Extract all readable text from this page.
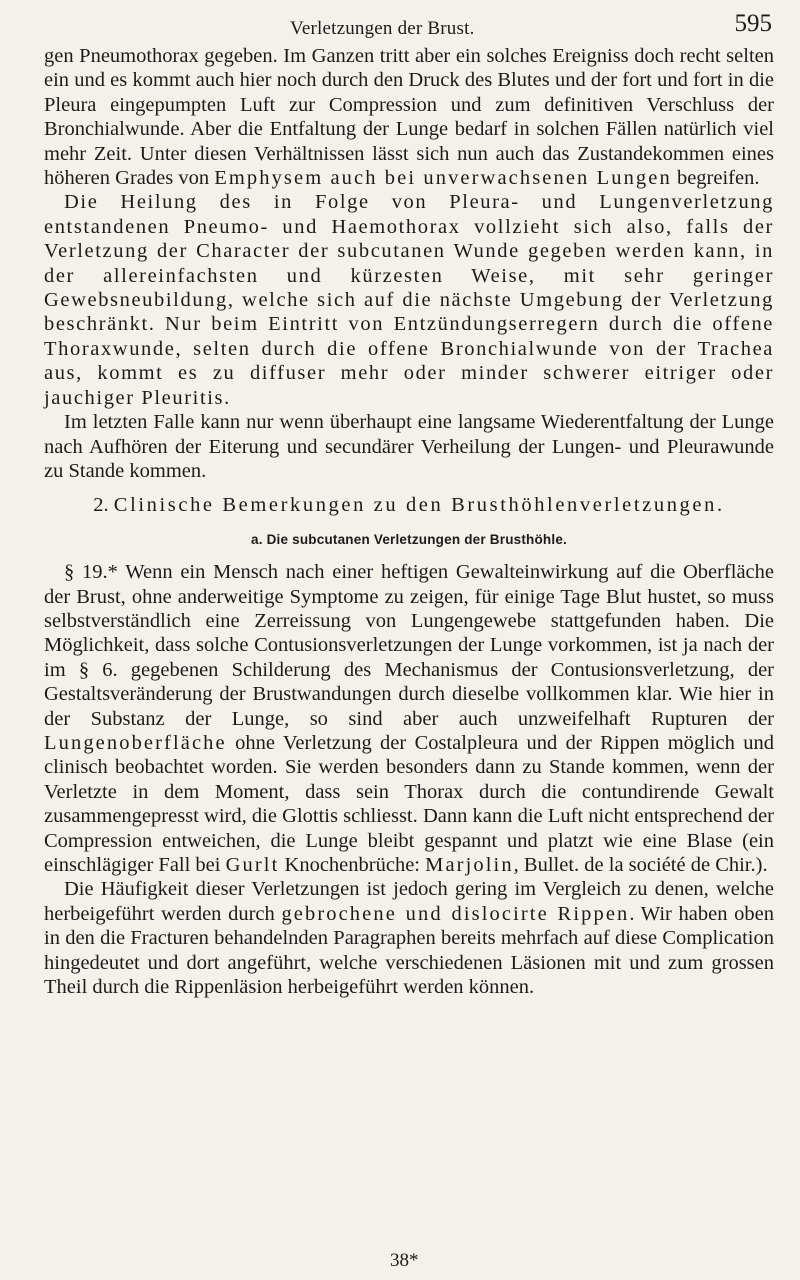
Verletzungen der Brust.	595

gen Pneumothorax gegeben. Im Ganzen tritt aber ein solches Ereigniss doch recht selten ein und es kommt auch hier noch durch den Druck des Blutes und der fort und fort in die Pleura eingepumpten Luft zur Compression und zum definitiven Verschluss der Bronchialwunde. Aber die Entfaltung der Lunge bedarf in solchen Fällen natürlich viel mehr Zeit. Unter diesen Verhältnissen lässt sich nun auch das Zustandekommen eines höheren Grades von Emphysem auch bei unverwachsenen Lungen begreifen.

Die Heilung des in Folge von Pleura- und Lungenverletzung entstandenen Pneumo- und Haemothorax vollzieht sich also, falls der Verletzung der Character der subcutanen Wunde gegeben werden kann, in der allereinfachsten und kürzesten Weise, mit sehr geringer Gewebsneubildung, welche sich auf die nächste Umgebung der Verletzung beschränkt. Nur beim Eintritt von Entzündungserregern durch die offene Thoraxwunde, selten durch die offene Bronchialwunde von der Trachea aus, kommt es zu diffuser mehr oder minder schwerer eitriger oder jauchiger Pleuritis.

Im letzten Falle kann nur wenn überhaupt eine langsame Wiederentfaltung der Lunge nach Aufhören der Eiterung und secundärer Verheilung der Lungen- und Pleurawunde zu Stande kommen.

2. Clinische Bemerkungen zu den Brusthöhlenverletzungen.
a. Die subcutanen Verletzungen der Brusthöhle.

§ 19.* Wenn ein Mensch nach einer heftigen Gewalteinwirkung auf die Oberfläche der Brust, ohne anderweitige Symptome zu zeigen, für einige Tage Blut hustet, so muss selbstverständlich eine Zerreissung von Lungengewebe stattgefunden haben. Die Möglichkeit, dass solche Contusionsverletzungen der Lunge vorkommen, ist ja nach der im § 6. gegebenen Schilderung des Mechanismus der Contusionsverletzung, der Gestaltsveränderung der Brustwandungen durch dieselbe vollkommen klar. Wie hier in der Substanz der Lunge, so sind aber auch unzweifelhaft Rupturen der Lungenoberfläche ohne Verletzung der Costalpleura und der Rippen möglich und clinisch beobachtet worden. Sie werden besonders dann zu Stande kommen, wenn der Verletzte in dem Moment, dass sein Thorax durch die contundirende Gewalt zusammengepresst wird, die Glottis schliesst. Dann kann die Luft nicht entsprechend der Compression entweichen, die Lunge bleibt gespannt und platzt wie eine Blase (ein einschlägiger Fall bei Gurlt Knochenbrüche: Marjolin, Bullet. de la société de Chir.).

Die Häufigkeit dieser Verletzungen ist jedoch gering im Vergleich zu denen, welche herbeigeführt werden durch gebrochene und dislocirte Rippen. Wir haben oben in den die Fracturen behandelnden Paragraphen bereits mehrfach auf diese Complication hingedeutet und dort angeführt, welche verschiedenen Läsionen mit und zum grossen Theil durch die Rippenläsion herbeigeführt werden können.

38*
